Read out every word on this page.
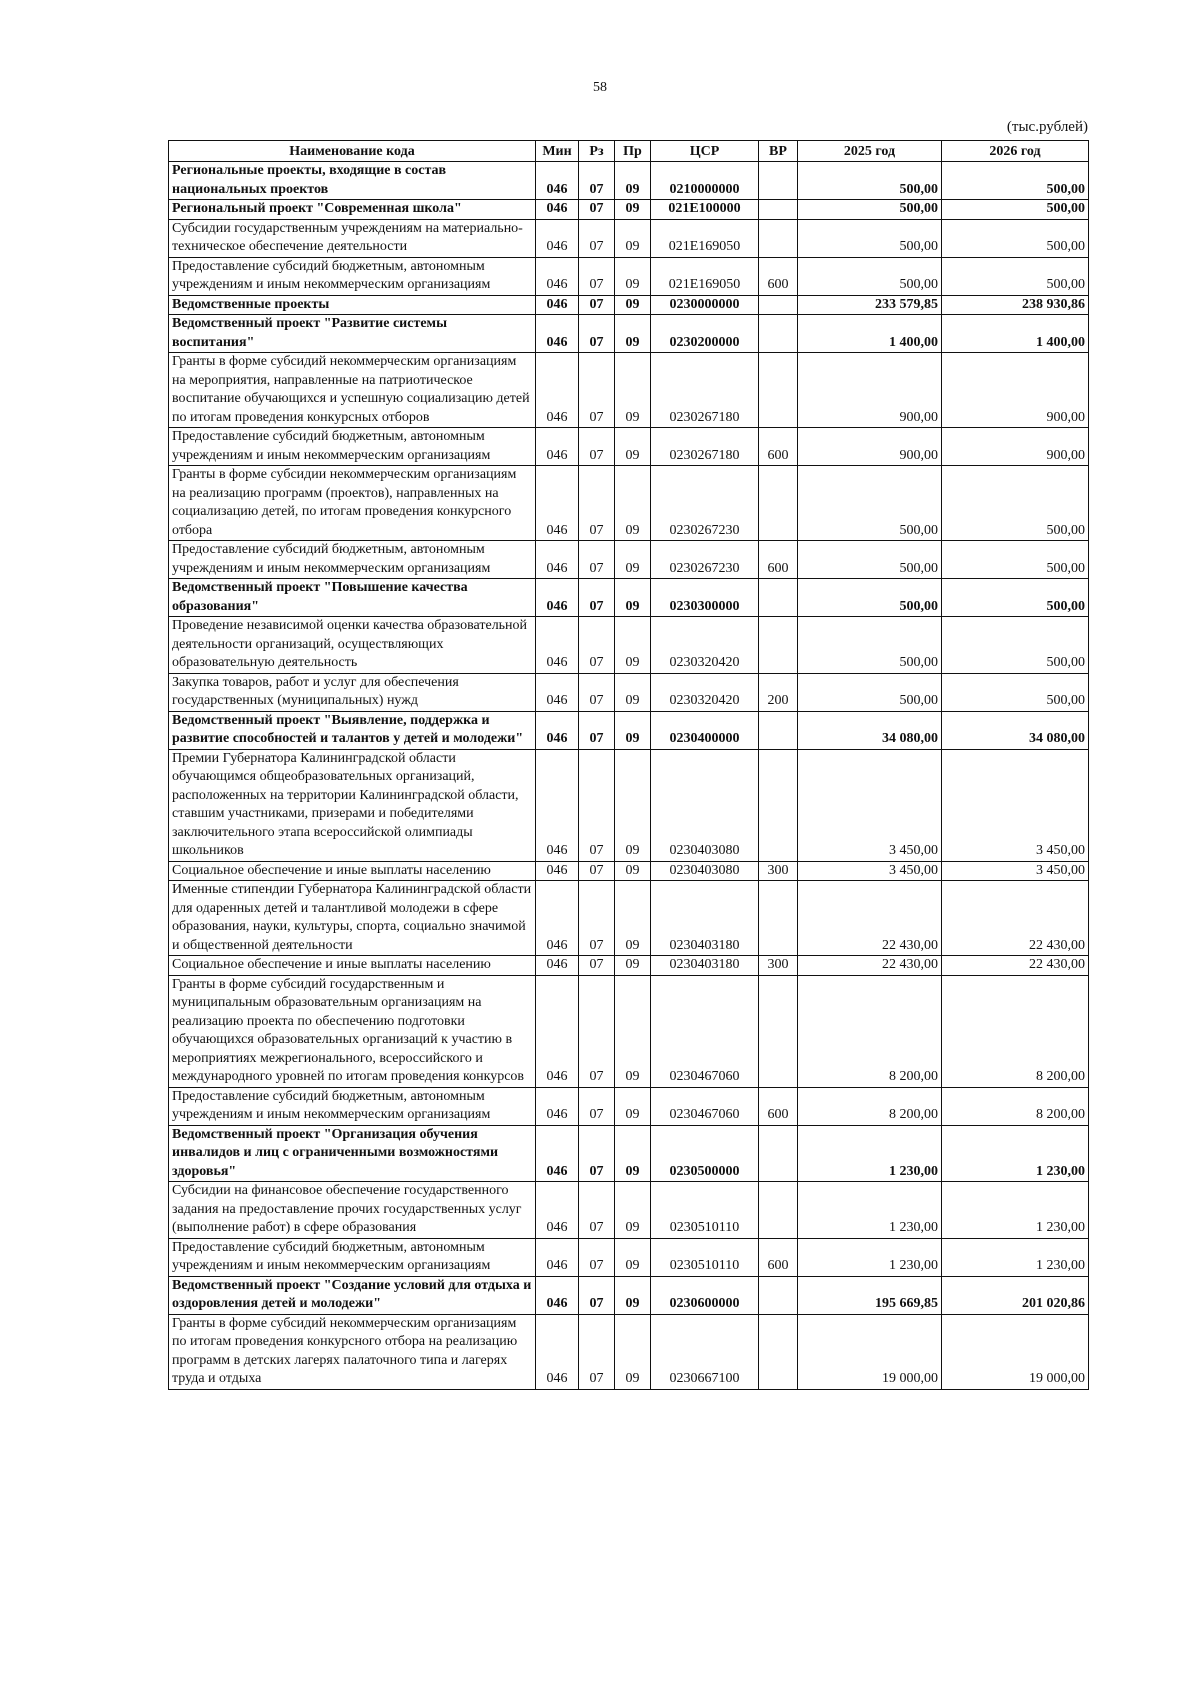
58
(тыс.рублей)
Наименование кода	Мин	Рз	Пр	ЦСР	ВР	2025 год	2026 год
Региональные проекты, входящие в состав национальных проектов	046	07	09	0210000000		500,00	500,00
Региональный проект "Современная школа"	046	07	09	021E100000		500,00	500,00
Субсидии государственным учреждениям на материально-техническое обеспечение деятельности	046	07	09	021E169050		500,00	500,00
Предоставление субсидий бюджетным, автономным учреждениям и иным некоммерческим организациям	046	07	09	021E169050	600	500,00	500,00
Ведомственные проекты	046	07	09	0230000000		233 579,85	238 930,86
Ведомственный проект "Развитие системы воспитания"	046	07	09	0230200000		1 400,00	1 400,00
Гранты в форме субсидий некоммерческим организациям на мероприятия, направленные на патриотическое воспитание обучающихся и успешную социализацию детей по итогам проведения конкурсных отборов	046	07	09	0230267180		900,00	900,00
Предоставление субсидий бюджетным, автономным учреждениям и иным некоммерческим организациям	046	07	09	0230267180	600	900,00	900,00
Гранты в форме субсидии некоммерческим организациям на реализацию программ (проектов), направленных на социализацию детей, по итогам проведения конкурсного отбора	046	07	09	0230267230		500,00	500,00
Предоставление субсидий бюджетным, автономным учреждениям и иным некоммерческим организациям	046	07	09	0230267230	600	500,00	500,00
Ведомственный проект "Повышение качества образования"	046	07	09	0230300000		500,00	500,00
Проведение независимой оценки качества образовательной деятельности организаций, осуществляющих образовательную деятельность	046	07	09	0230320420		500,00	500,00
Закупка товаров, работ и услуг для обеспечения государственных (муниципальных) нужд	046	07	09	0230320420	200	500,00	500,00
Ведомственный проект "Выявление, поддержка и развитие способностей и талантов у детей и молодежи"	046	07	09	0230400000		34 080,00	34 080,00
Премии Губернатора Калининградской области обучающимся общеобразовательных организаций, расположенных на территории Калининградской области, ставшим участниками, призерами и победителями заключительного этапа всероссийской олимпиады школьников	046	07	09	0230403080		3 450,00	3 450,00
Социальное обеспечение и иные выплаты населению	046	07	09	0230403080	300	3 450,00	3 450,00
Именные стипендии Губернатора Калининградской области для одаренных детей и талантливой молодежи в сфере образования, науки, культуры, спорта, социально значимой и общественной деятельности	046	07	09	0230403180		22 430,00	22 430,00
Социальное обеспечение и иные выплаты населению	046	07	09	0230403180	300	22 430,00	22 430,00
Гранты в форме субсидий государственным и муниципальным образовательным организациям на реализацию проекта по обеспечению подготовки обучающихся образовательных организаций к участию в мероприятиях межрегионального, всероссийского и международного уровней по итогам проведения конкурсов	046	07	09	0230467060		8 200,00	8 200,00
Предоставление субсидий бюджетным, автономным учреждениям и иным некоммерческим организациям	046	07	09	0230467060	600	8 200,00	8 200,00
Ведомственный проект "Организация обучения инвалидов и лиц с ограниченными возможностями здоровья"	046	07	09	0230500000		1 230,00	1 230,00
Субсидии на финансовое обеспечение государственного задания на предоставление прочих государственных услуг (выполнение работ) в сфере образования	046	07	09	0230510110		1 230,00	1 230,00
Предоставление субсидий бюджетным, автономным учреждениям и иным некоммерческим организациям	046	07	09	0230510110	600	1 230,00	1 230,00
Ведомственный проект "Создание условий для отдыха и оздоровления детей и молодежи"	046	07	09	0230600000		195 669,85	201 020,86
Гранты в форме субсидий некоммерческим организациям по итогам проведения конкурсного отбора на реализацию программ в детских лагерях палаточного типа и лагерях труда и отдыха	046	07	09	0230667100		19 000,00	19 000,00
